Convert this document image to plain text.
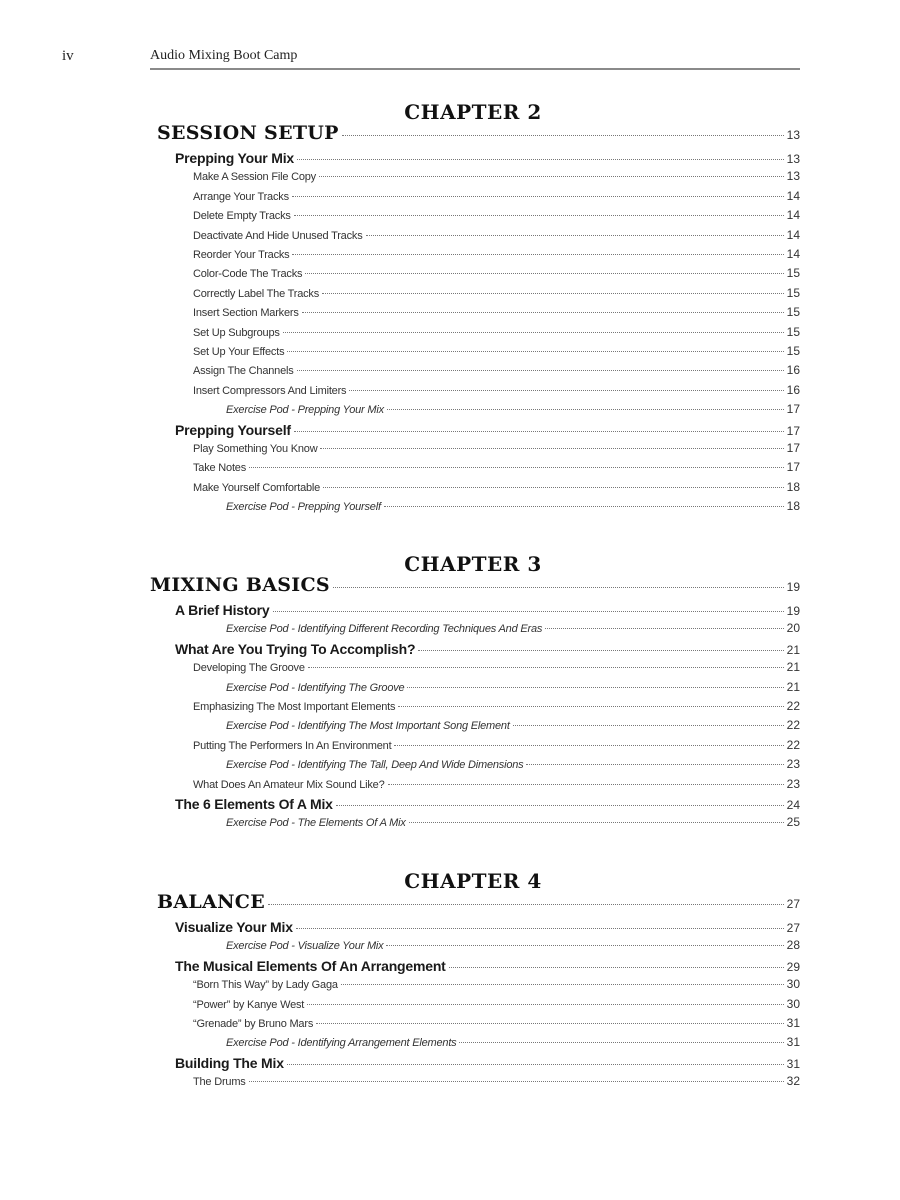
iv	Audio Mixing Boot Camp
CHAPTER 2
SESSION SETUP	13
Prepping Your Mix	13
Make A Session File Copy	13
Arrange Your Tracks	14
Delete Empty Tracks	14
Deactivate And Hide Unused Tracks	14
Reorder Your Tracks	14
Color-Code The Tracks	15
Correctly Label The Tracks	15
Insert Section Markers	15
Set Up Subgroups	15
Set Up Your Effects	15
Assign The Channels	16
Insert Compressors And Limiters	16
Exercise Pod - Prepping Your Mix	17
Prepping Yourself	17
Play Something You Know	17
Take Notes	17
Make Yourself Comfortable	18
Exercise Pod - Prepping Yourself	18
CHAPTER 3
MIXING BASICS	19
A Brief History	19
Exercise Pod - Identifying Different Recording Techniques And Eras	20
What Are You Trying To Accomplish?	21
Developing The Groove	21
Exercise Pod - Identifying The Groove	21
Emphasizing The Most Important Elements	22
Exercise Pod - Identifying The Most Important Song Element	22
Putting The Performers In An Environment	22
Exercise Pod - Identifying The Tall, Deep And Wide Dimensions	23
What Does An Amateur Mix Sound Like?	23
The 6 Elements Of A Mix	24
Exercise Pod - The Elements Of A Mix	25
CHAPTER 4
BALANCE	27
Visualize Your Mix	27
Exercise Pod - Visualize Your Mix	28
The Musical Elements Of An Arrangement	29
“Born This Way” by Lady Gaga	30
“Power” by Kanye West	30
“Grenade” by Bruno Mars	31
Exercise Pod - Identifying Arrangement Elements	31
Building The Mix	31
The Drums	32
